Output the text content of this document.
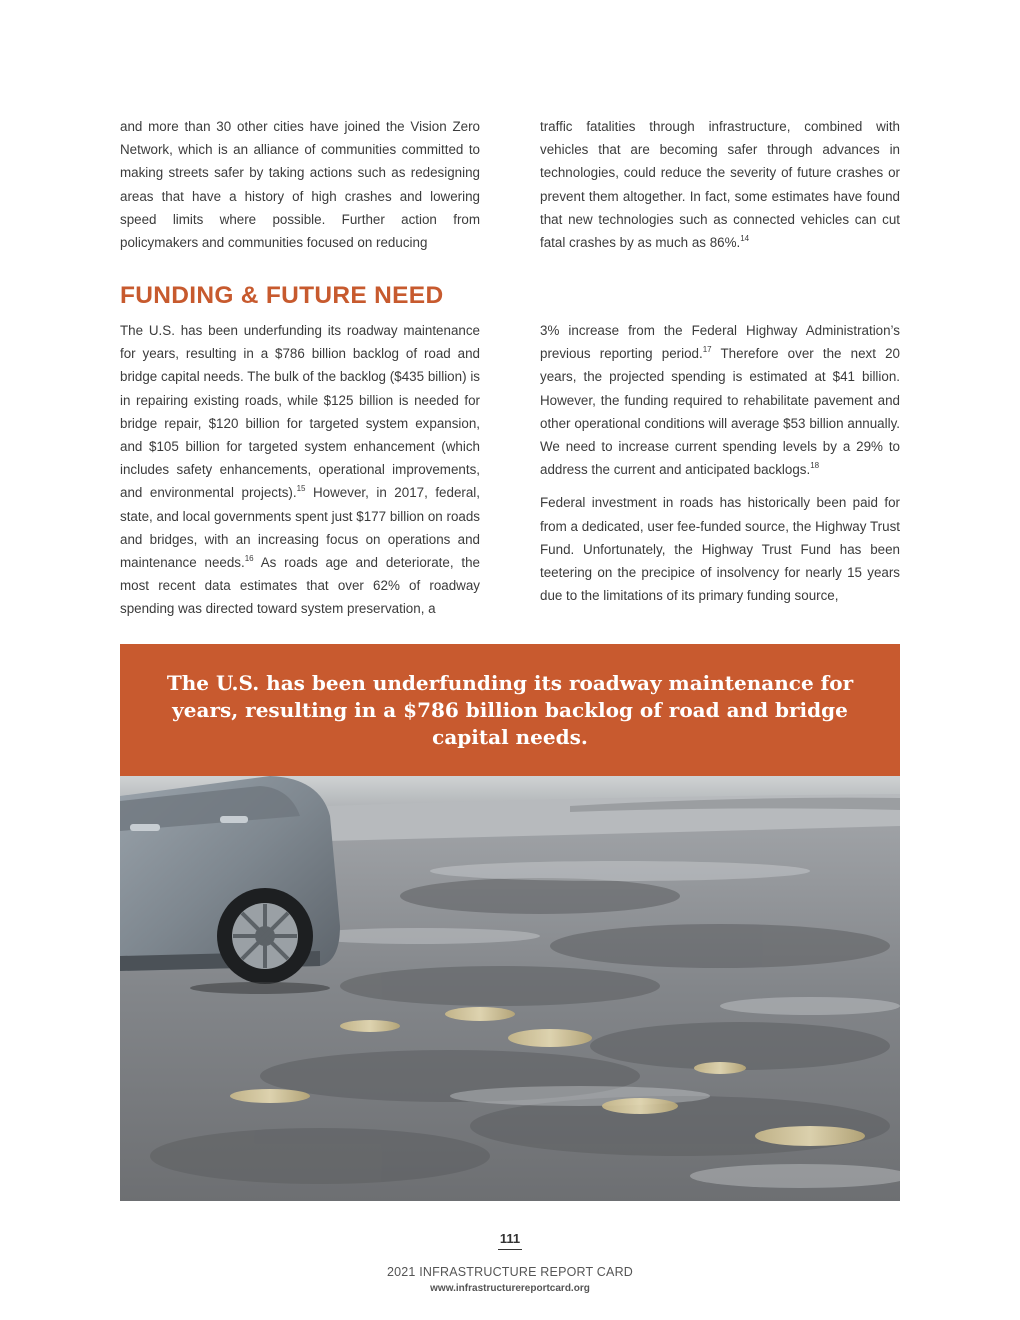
and more than 30 other cities have joined the Vision Zero Network, which is an alliance of communities committed to making streets safer by taking actions such as redesigning areas that have a history of high crashes and lowering speed limits where possible. Further action from policymakers and communities focused on reducing

traffic fatalities through infrastructure, combined with vehicles that are becoming safer through advances in technologies, could reduce the severity of future crashes or prevent them altogether. In fact, some estimates have found that new technologies such as connected vehicles can cut fatal crashes by as much as 86%.$^{14}$

FUNDING & FUTURE NEED

The U.S. has been underfunding its roadway maintenance for years, resulting in a $786 billion backlog of road and bridge capital needs. The bulk of the backlog ($435 billion) is in repairing existing roads, while $125 billion is needed for bridge repair, $120 billion for targeted system expansion, and $105 billion for targeted system enhancement (which includes safety enhancements, operational improvements, and environmental projects).$^{15}$ However, in 2017, federal, state, and local governments spent just $177 billion on roads and bridges, with an increasing focus on operations and maintenance needs.$^{16}$ As roads age and deteriorate, the most recent data estimates that over 62% of roadway spending was directed toward system preservation, a

3% increase from the Federal Highway Administration’s previous reporting period.$^{17}$ Therefore over the next 20 years, the projected spending is estimated at $41 billion. However, the funding required to rehabilitate pavement and other operational conditions will average $53 billion annually. We need to increase current spending levels by a 29% to address the current and anticipated backlogs.$^{18}$

Federal investment in roads has historically been paid for from a dedicated, user fee-funded source, the Highway Trust Fund. Unfortunately, the Highway Trust Fund has been teetering on the precipice of insolvency for nearly 15 years due to the limitations of its primary funding source,

The U.S. has been underfunding its roadway maintenance for years, resulting in a $786 billion backlog of road and bridge capital needs.

111
2021 INFRASTRUCTURE REPORT CARD
www.infrastructurereportcard.org
